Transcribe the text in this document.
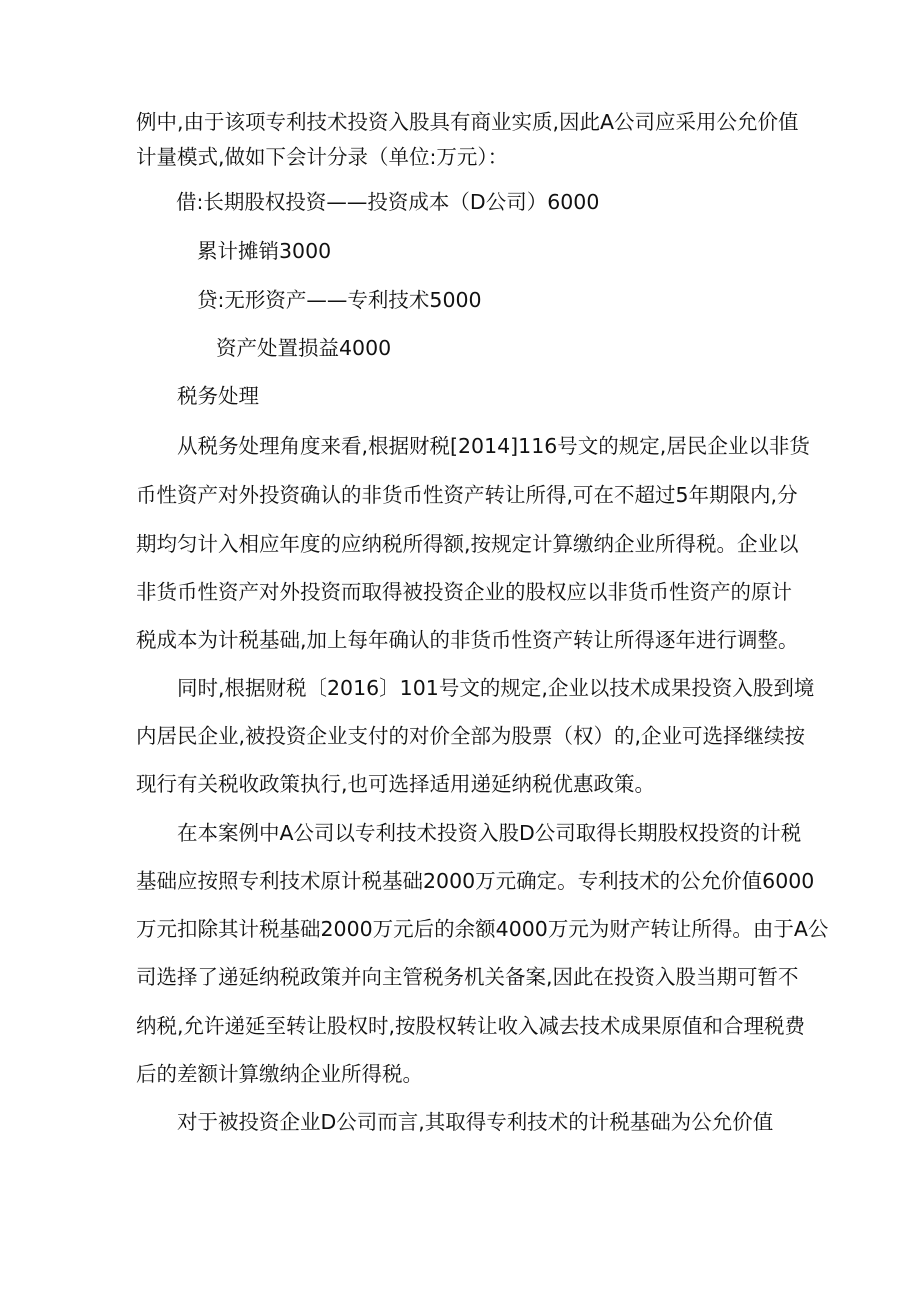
例中,由于该项专利技术投资入股具有商业实质,因此A公司应采用公允价值
计量模式,做如下会计分录（单位:万元）：
借:长期股权投资——投资成本（D公司）6000
累计摊销3000
贷:无形资产——专利技术5000
资产处置损益4000
税务处理
从税务处理角度来看,根据财税[2014]116号文的规定,居民企业以非货
币性资产对外投资确认的非货币性资产转让所得,可在不超过5年期限内,分
期均匀计入相应年度的应纳税所得额,按规定计算缴纳企业所得税。企业以
非货币性资产对外投资而取得被投资企业的股权应以非货币性资产的原计
税成本为计税基础,加上每年确认的非货币性资产转让所得逐年进行调整。
同时,根据财税〔2016〕101号文的规定,企业以技术成果投资入股到境
内居民企业,被投资企业支付的对价全部为股票（权）的,企业可选择继续按
现行有关税收政策执行,也可选择适用递延纳税优惠政策。
在本案例中A公司以专利技术投资入股D公司取得长期股权投资的计税
基础应按照专利技术原计税基础2000万元确定。专利技术的公允价值6000
万元扣除其计税基础2000万元后的余额4000万元为财产转让所得。由于A公
司选择了递延纳税政策并向主管税务机关备案,因此在投资入股当期可暂不
纳税,允许递延至转让股权时,按股权转让收入减去技术成果原值和合理税费
后的差额计算缴纳企业所得税。
对于被投资企业D公司而言,其取得专利技术的计税基础为公允价值
